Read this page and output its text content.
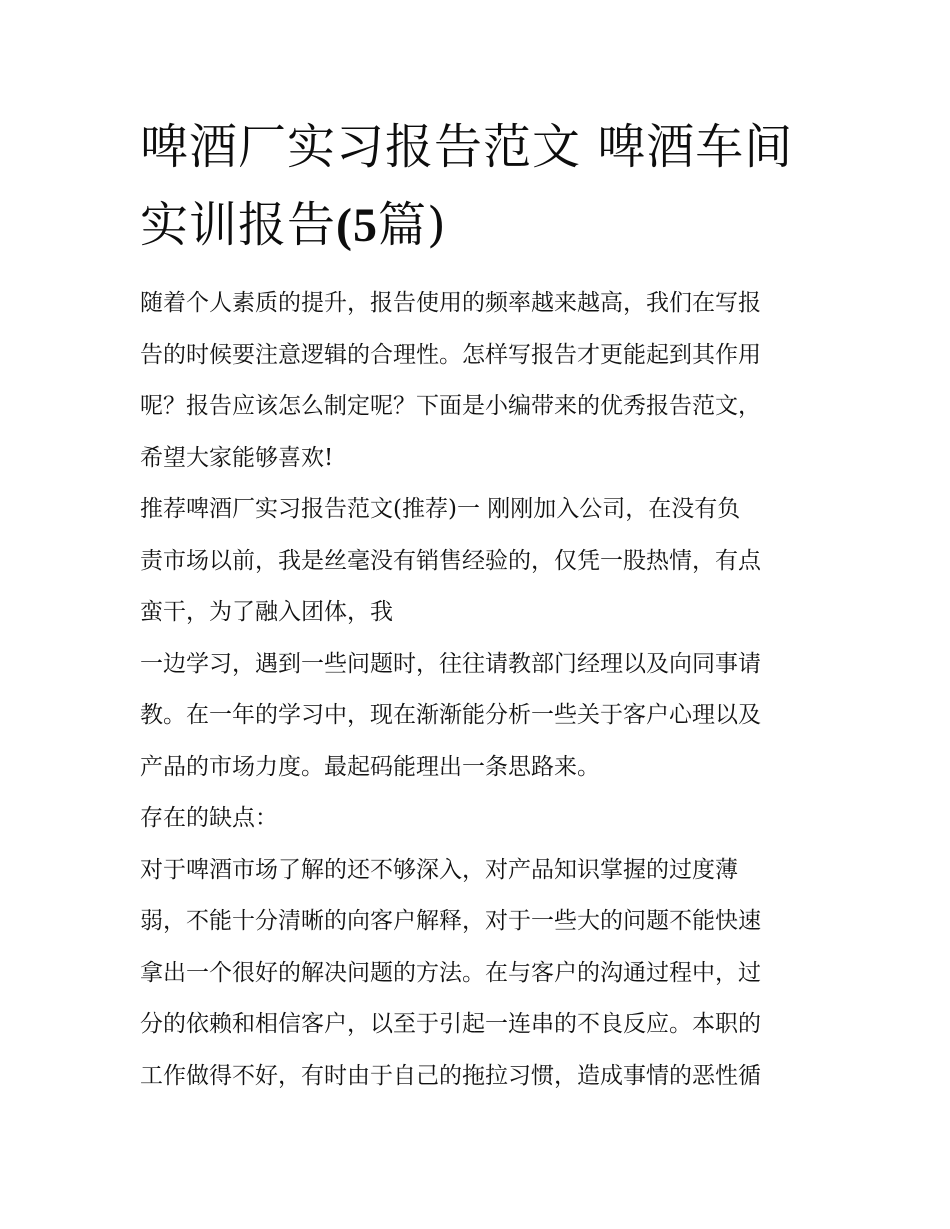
啤酒厂实习报告范文 啤酒车间
实训报告(5篇)
随着个人素质的提升，报告使用的频率越来越高，我们在写报
告的时候要注意逻辑的合理性。怎样写报告才更能起到其作用
呢？报告应该怎么制定呢？下面是小编带来的优秀报告范文，
希望大家能够喜欢!
推荐啤酒厂实习报告范文(推荐)一 刚刚加入公司，在没有负
责市场以前，我是丝毫没有销售经验的，仅凭一股热情，有点
蛮干，为了融入团体，我
一边学习，遇到一些问题时，往往请教部门经理以及向同事请
教。在一年的学习中，现在渐渐能分析一些关于客户心理以及
产品的市场力度。最起码能理出一条思路来。
存在的缺点：
对于啤酒市场了解的还不够深入，对产品知识掌握的过度薄
弱，不能十分清晰的向客户解释，对于一些大的问题不能快速
拿出一个很好的解决问题的方法。在与客户的沟通过程中，过
分的依赖和相信客户，以至于引起一连串的不良反应。本职的
工作做得不好，有时由于自己的拖拉习惯，造成事情的恶性循
